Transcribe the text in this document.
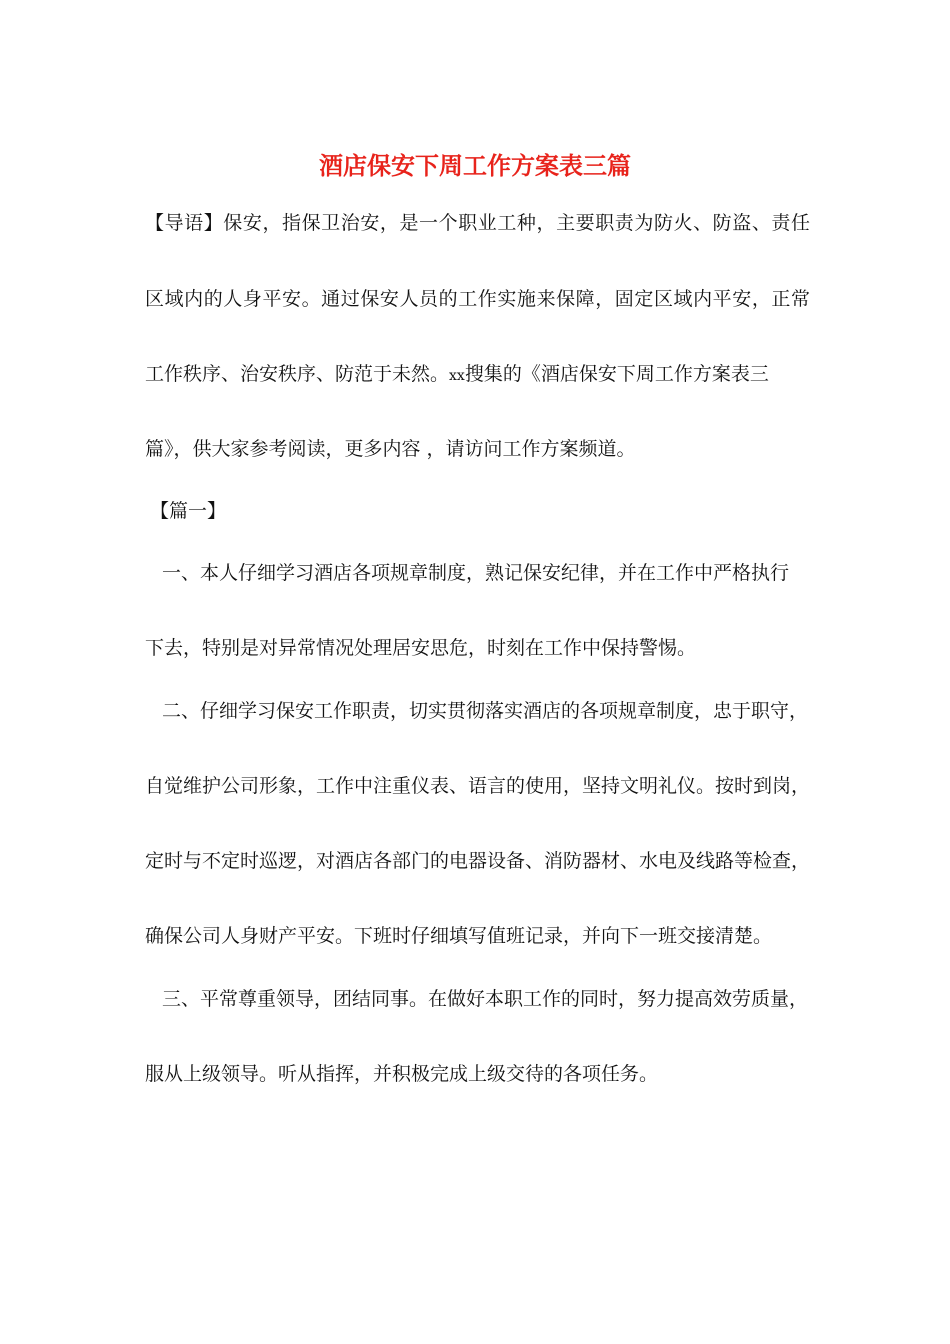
酒店保安下周工作方案表三篇
【导语】保安，指保卫治安，是一个职业工种，主要职责为防火、防盗、责任
区域内的人身平安。通过保安人员的工作实施来保障，固定区域内平安，正常
工作秩序、治安秩序、防范于未然。xx搜集的《酒店保安下周工作方案表三
篇》，供大家参考阅读，更多内容 ，请访问工作方案频道。
【篇一】
一、本人仔细学习酒店各项规章制度，熟记保安纪律，并在工作中严格执行
下去，特别是对异常情况处理居安思危，时刻在工作中保持警惕。
二、仔细学习保安工作职责，切实贯彻落实酒店的各项规章制度，忠于职守，
自觉维护公司形象，工作中注重仪表、语言的使用，坚持文明礼仪。按时到岗，
定时与不定时巡逻，对酒店各部门的电器设备、消防器材、水电及线路等检查，
确保公司人身财产平安。下班时仔细填写值班记录，并向下一班交接清楚。
三、平常尊重领导，团结同事。在做好本职工作的同时，努力提高效劳质量，
服从上级领导。听从指挥，并积极完成上级交待的各项任务。
